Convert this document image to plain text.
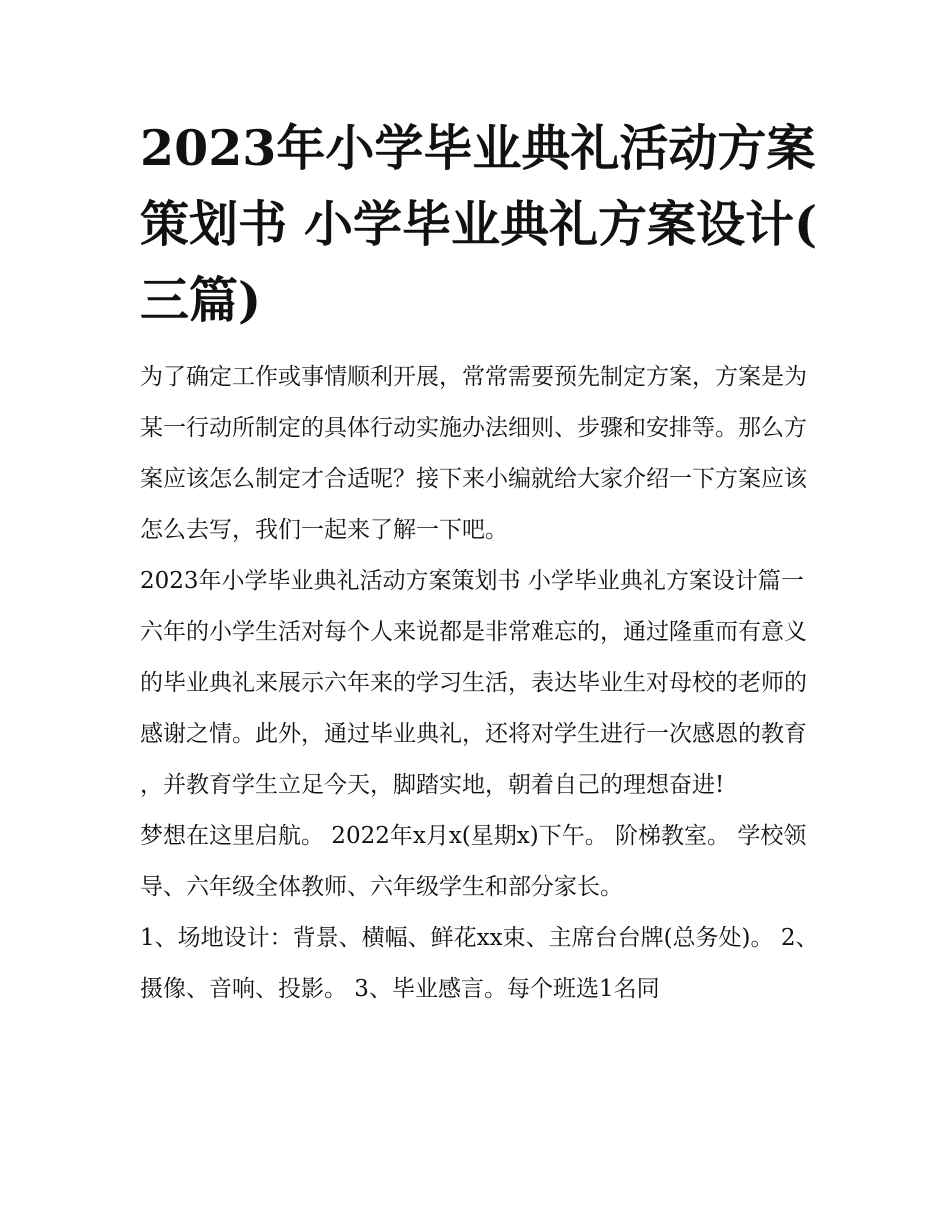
2023年小学毕业典礼活动方案策划书 小学毕业典礼方案设计(三篇)

为了确定工作或事情顺利开展，常常需要预先制定方案，方案是为某一行动所制定的具体行动实施办法细则、步骤和安排等。那么方案应该怎么制定才合适呢？接下来小编就给大家介绍一下方案应该怎么去写，我们一起来了解一下吧。

2023年小学毕业典礼活动方案策划书 小学毕业典礼方案设计篇一

六年的小学生活对每个人来说都是非常难忘的，通过隆重而有意义的毕业典礼来展示六年来的学习生活，表达毕业生对母校的老师的感谢之情。此外，通过毕业典礼，还将对学生进行一次感恩的教育，并教育学生立足今天，脚踏实地，朝着自己的理想奋进!

梦想在这里启航。 2022年x月x(星期x)下午。 阶梯教室。 学校领导、六年级全体教师、六年级学生和部分家长。

1、场地设计：背景、横幅、鲜花xx束、主席台台牌(总务处)。 2、摄像、音响、投影。 3、毕业感言。每个班选1名同
